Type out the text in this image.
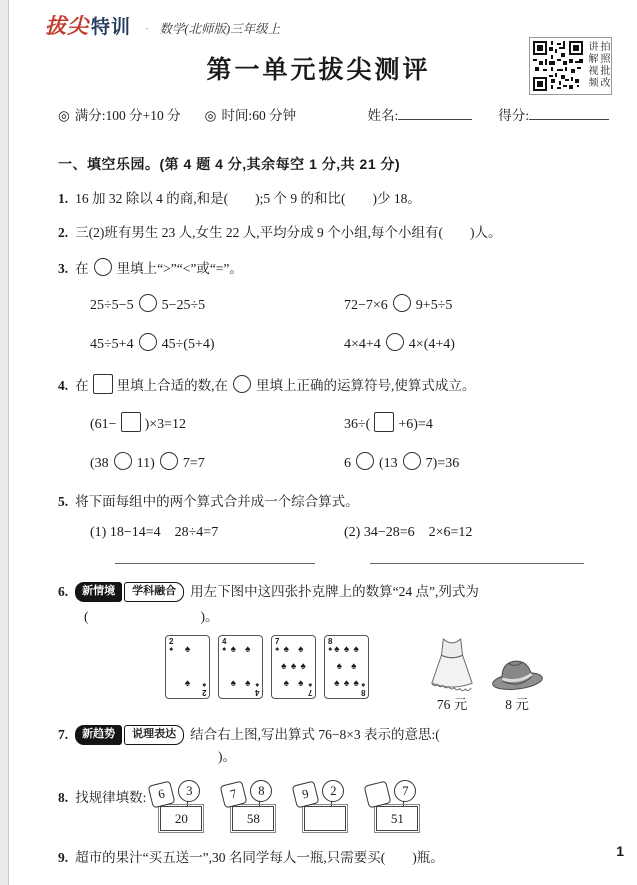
拔尖 特训 · 数学(北师版)三年级上
第一单元拔尖测评	讲解视频 拍照批改
◎ 满分:100 分+10 分 ◎ 时间:60 分钟	姓名:	得分:
一、填空乐园。(第 4 题 4 分,其余每空 1 分,共 21 分)
1. 16 加 32 除以 4 的商,和是(　　);5 个 9 的和比(　　)少 18。
2. 三(2)班有男生 23 人,女生 22 人,平均分成 9 个小组,每个小组有(　　)人。
3. 在 里填上“>”“<”或“=”。
25÷5−5 5−25÷5	72−7×6 9+5÷5
45÷5+4 45÷(5+4)	4×4+4 4×(4+4)
4. 在 里填上合适的数,在 里填上正确的运算符号,使算式成立。
(61− )×3=12	36÷( +6)=4
(38 11) 7=7	6 (13 7)=36
5. 将下面每组中的两个算式合并成一个综合算式。
(1) 18−14=4　28÷4=7	(2) 34−28=6　2×6=12
6. 新情境 学科融合 用左下图中这四张扑克牌上的数算“24 点”,列式为
(	)。
2
♠ ♠
♠
2
♠
4
♠ ♠ ♠
♠ ♠
4
♠
7
♠ ♠ ♠
♠ ♠ ♠
♠ ♠
7
♠
8
♠ ♠ ♠ ♠
♠ ♠
♠ ♠ ♠
8
♠
76 元	8 元
7. 新趋势 说理表达 结合右上图,写出算式 76−8×3 表示的意思:(
)。
8. 找规律填数: 6	3
20
7	8
58
9	2	7
51
9. 超市的果汁“买五送一”,30 名同学每人一瓶,只需要买(　　)瓶。	1
